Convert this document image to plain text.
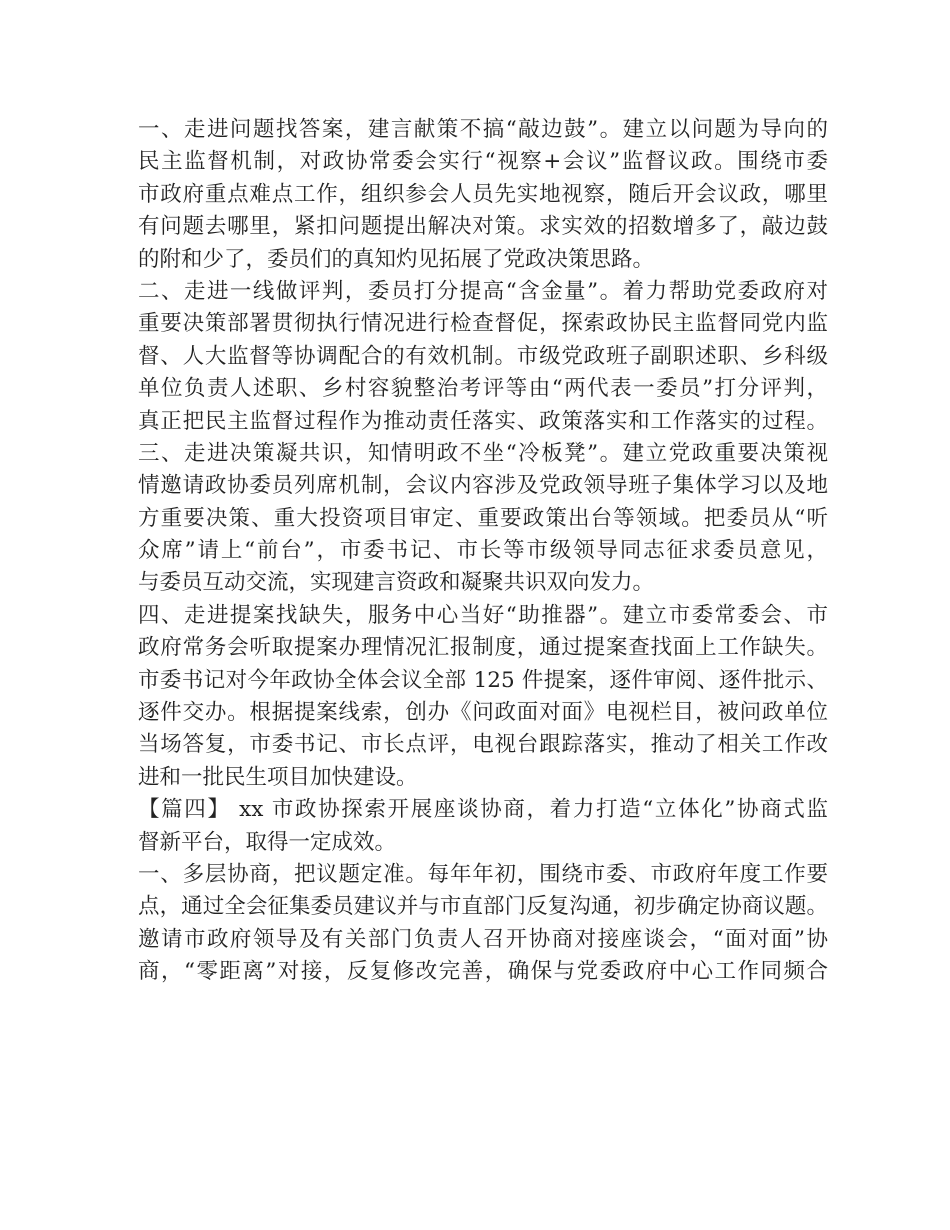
一、走进问题找答案，建言献策不搞“敲边鼓”。建立以问题为导向的
民主监督机制，对政协常委会实行“视察+会议”监督议政。围绕市委
市政府重点难点工作，组织参会人员先实地视察，随后开会议政，哪里
有问题去哪里，紧扣问题提出解决对策。求实效的招数增多了，敲边鼓
的附和少了，委员们的真知灼见拓展了党政决策思路。
二、走进一线做评判，委员打分提高“含金量”。着力帮助党委政府对
重要决策部署贯彻执行情况进行检查督促，探索政协民主监督同党内监
督、人大监督等协调配合的有效机制。市级党政班子副职述职、乡科级
单位负责人述职、乡村容貌整治考评等由“两代表一委员”打分评判，
真正把民主监督过程作为推动责任落实、政策落实和工作落实的过程。
三、走进决策凝共识，知情明政不坐“冷板凳”。建立党政重要决策视
情邀请政协委员列席机制，会议内容涉及党政领导班子集体学习以及地
方重要决策、重大投资项目审定、重要政策出台等领域。把委员从“听
众席”请上“前台”，市委书记、市长等市级领导同志征求委员意见，
与委员互动交流，实现建言资政和凝聚共识双向发力。
四、走进提案找缺失，服务中心当好“助推器”。建立市委常委会、市
政府常务会听取提案办理情况汇报制度，通过提案查找面上工作缺失。
市委书记对今年政协全体会议全部 125 件提案，逐件审阅、逐件批示、
逐件交办。根据提案线索，创办《问政面对面》电视栏目，被问政单位
当场答复，市委书记、市长点评，电视台跟踪落实，推动了相关工作改
进和一批民生项目加快建设。
【篇四】 xx 市政协探索开展座谈协商，着力打造“立体化”协商式监
督新平台，取得一定成效。
一、多层协商，把议题定准。每年年初，围绕市委、市政府年度工作要
点，通过全会征集委员建议并与市直部门反复沟通，初步确定协商议题。
邀请市政府领导及有关部门负责人召开协商对接座谈会，“面对面”协
商，“零距离”对接，反复修改完善，确保与党委政府中心工作同频合
